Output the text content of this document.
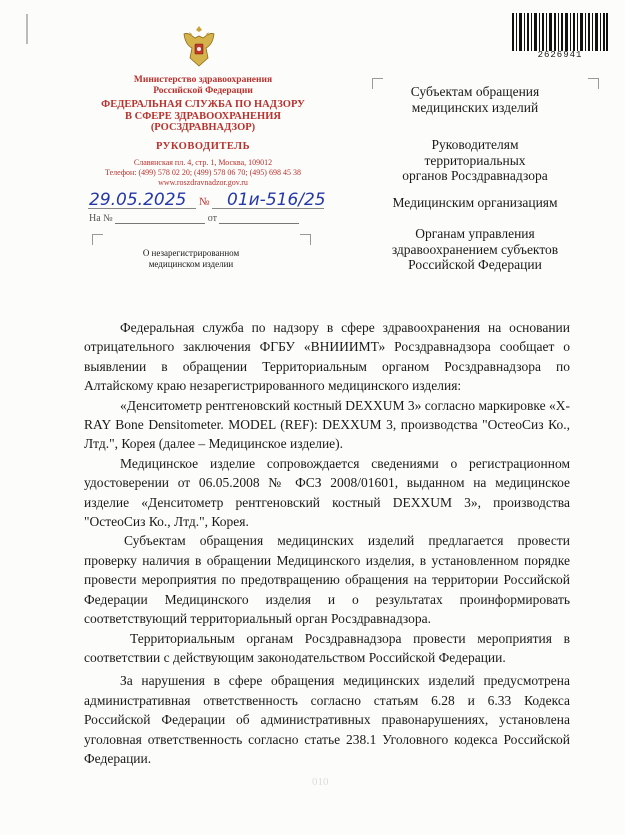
2626941
Министерство здравоохранения
Российской Федерации
ФЕДЕРАЛЬНАЯ СЛУЖБА ПО НАДЗОРУ
В СФЕРЕ ЗДРАВООХРАНЕНИЯ
(РОСЗДРАВНАДЗОР)
РУКОВОДИТЕЛЬ
Славянская пл. 4, стр. 1, Москва, 109012
Телефон: (499) 578 02 20; (499) 578 06 70; (495) 698 45 38
www.roszdravnadzor.gov.ru
29.05.2025 № 01и-516/25
На №	от
О незарегистрированном
медицинском изделии
Субъектам обращения
медицинских изделий
Руководителям
территориальных
органов Росздравнадзора
Медицинским организациям
Органам управления
здравоохранением субъектов
Российской Федерации

Федеральная служба по надзору в сфере здравоохранения на основании отрицательного заключения ФГБУ «ВНИИИМТ» Росздравнадзора сообщает о выявлении в обращении Территориальным органом Росздравнадзора по Алтайскому краю незарегистрированного медицинского изделия:

«Денситометр рентгеновский костный DEXXUM 3» согласно маркировке «X-RAY Bone Densitometer. MODEL (REF): DEXXUM 3, производства "ОстеоСиз Ко., Лтд.", Корея (далее – Медицинское изделие).

Медицинское изделие сопровождается сведениями о регистрационном удостоверении от 06.05.2008 № ФСЗ 2008/01601, выданном на медицинское изделие «Денситометр рентгеновский костный DEXXUM 3», производства "ОстеоСиз Ко., Лтд.", Корея.

Субъектам обращения медицинских изделий предлагается провести проверку наличия в обращении Медицинского изделия, в установленном порядке провести мероприятия по предотвращению обращения на территории Российской Федерации Медицинского изделия и о результатах проинформировать соответствующий территориальный орган Росздравнадзора.

Территориальным органам Росздравнадзора провести мероприятия в соответствии с действующим законодательством Российской Федерации.

За нарушения в сфере обращения медицинских изделий предусмотрена административная ответственность согласно статьям 6.28 и 6.33 Кодекса Российской Федерации об административных правонарушениях, установлена уголовная ответственность согласно статье 238.1 Уголовного кодекса Российской Федерации.

010
